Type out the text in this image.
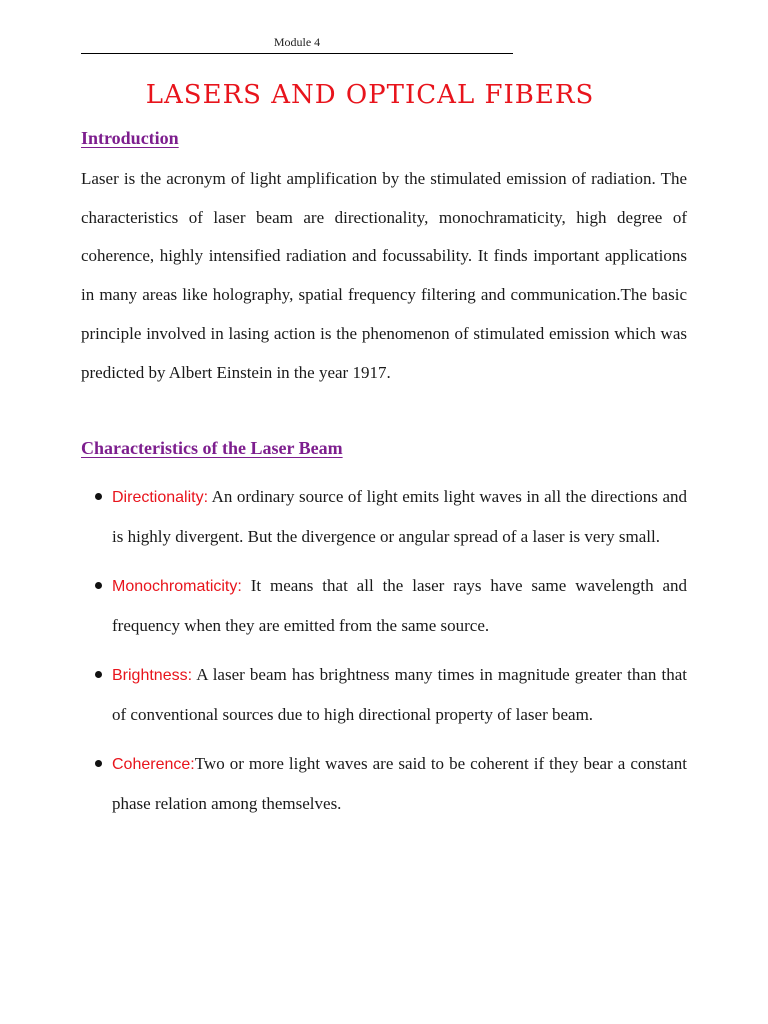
Module 4
LASERS AND OPTICAL FIBERS
Introduction

Laser is the acronym of light amplification by the stimulated emission of radiation. The characteristics of laser beam are directionality, monochramaticity, high degree of coherence, highly intensified radiation and focussability. It finds important applications in many areas like holography, spatial frequency filtering and communication.The basic principle involved in lasing action is the phenomenon of stimulated emission which was predicted by Albert Einstein in the year 1917.

Characteristics of the Laser Beam
Directionality: An ordinary source of light emits light waves in all the directions and is highly divergent. But the divergence or angular spread of a laser is very small.
Monochromaticity: It means that all the laser rays have same wavelength and frequency when they are emitted from the same source.
Brightness: A laser beam has brightness many times in magnitude greater than that of conventional sources due to high directional property of laser beam.
Coherence:Two or more light waves are said to be coherent if they bear a constant phase relation among themselves.
